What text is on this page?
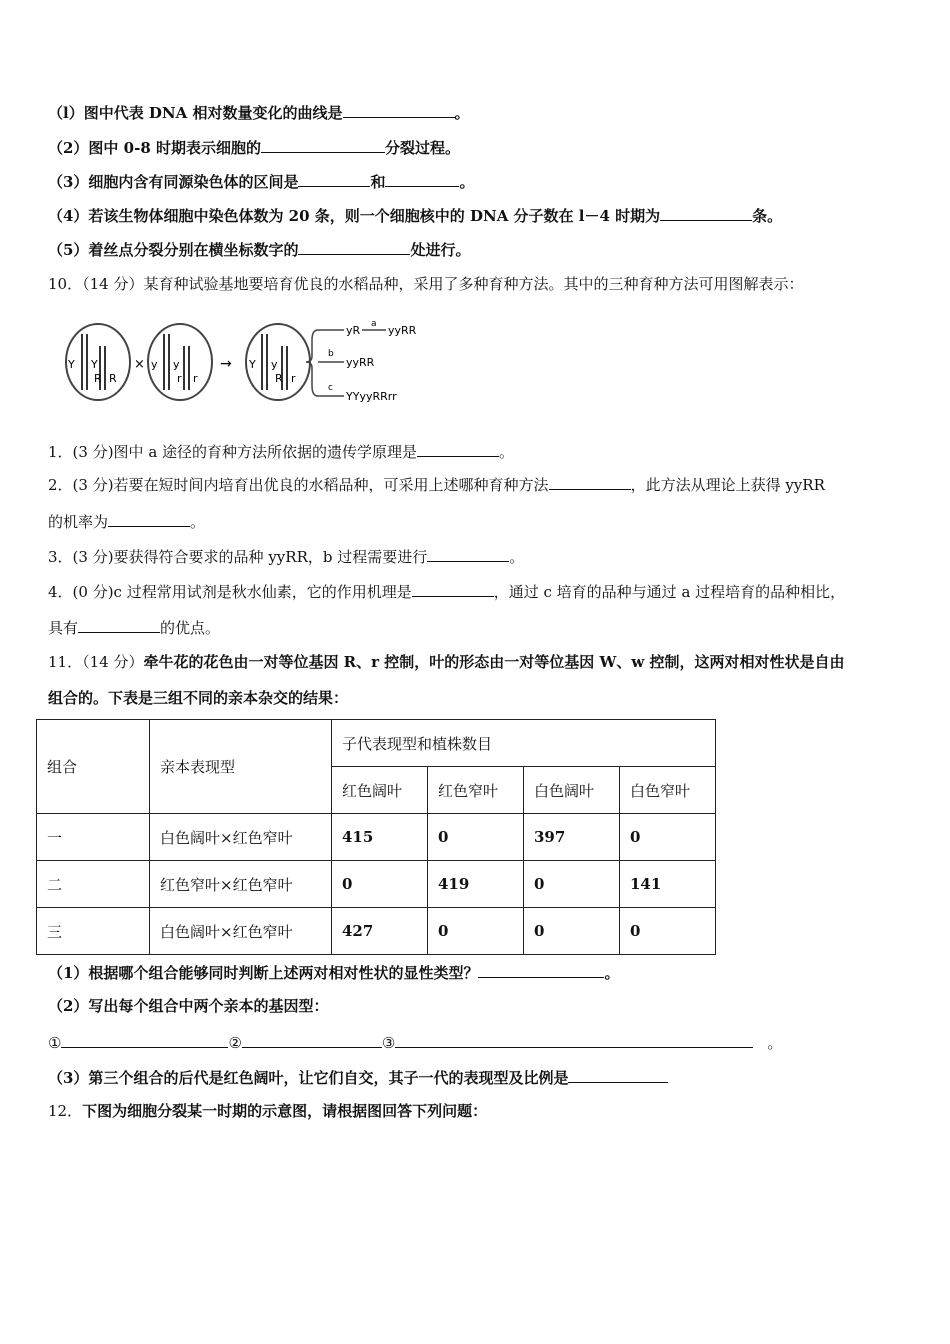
（l）图中代表 DNA 相对数量变化的曲线是	。
（2）图中 0-8 时期表示细胞的	分裂过程。
（3）细胞内含有同源染色体的区间是	和	。
（4）若该生物体细胞中染色体数为 20 条，则一个细胞核中的 DNA 分子数在 l－4 时期为	条。
（5）着丝点分裂分别在横坐标数字的	处进行。
10．（14 分）某育种试验基地要培育优良的水稻品种，采用了多种育种方法。其中的三种育种方法可用图解表示：
Y Y
R R
× y y
r r
→ Y y
R r
yR a yyRR
b
yyRR
c
YYyyRRrr
1．(3 分)图中 a 途径的育种方法所依据的遗传学原理是	。
2．(3 分)若要在短时间内培育出优良的水稻品种，可采用上述哪种育种方法	，此方法从理论上获得 yyRR
的机率为	。
3．(3 分)要获得符合要求的品种 yyRR，b 过程需要进行	。
4．(0 分)c 过程常用试剂是秋水仙素，它的作用机理是	，通过 c 培育的品种与通过 a 过程培育的品种相比，
具有	的优点。
11．（14 分）牵牛花的花色由一对等位基因 R、r 控制，叶的形态由一对等位基因 W、w 控制，这两对相对性状是自由
组合的。下表是三组不同的亲本杂交的结果：
组合	亲本表现型	子代表现型和植株数目			
		红色阔叶	红色窄叶	白色阔叶	白色窄叶
一	白色阔叶×红色窄叶	415	0	397	0
二	红色窄叶×红色窄叶	0	419	0	141
三	白色阔叶×红色窄叶	427	0	0	0
（1）根据哪个组合能够同时判断上述两对相对性状的显性类型？	。
（2）写出每个组合中两个亲本的基因型：
①	②	③	。
（3）第三个组合的后代是红色阔叶，让它们自交，其子一代的表现型及比例是
12．下图为细胞分裂某一时期的示意图，请根据图回答下列问题：
